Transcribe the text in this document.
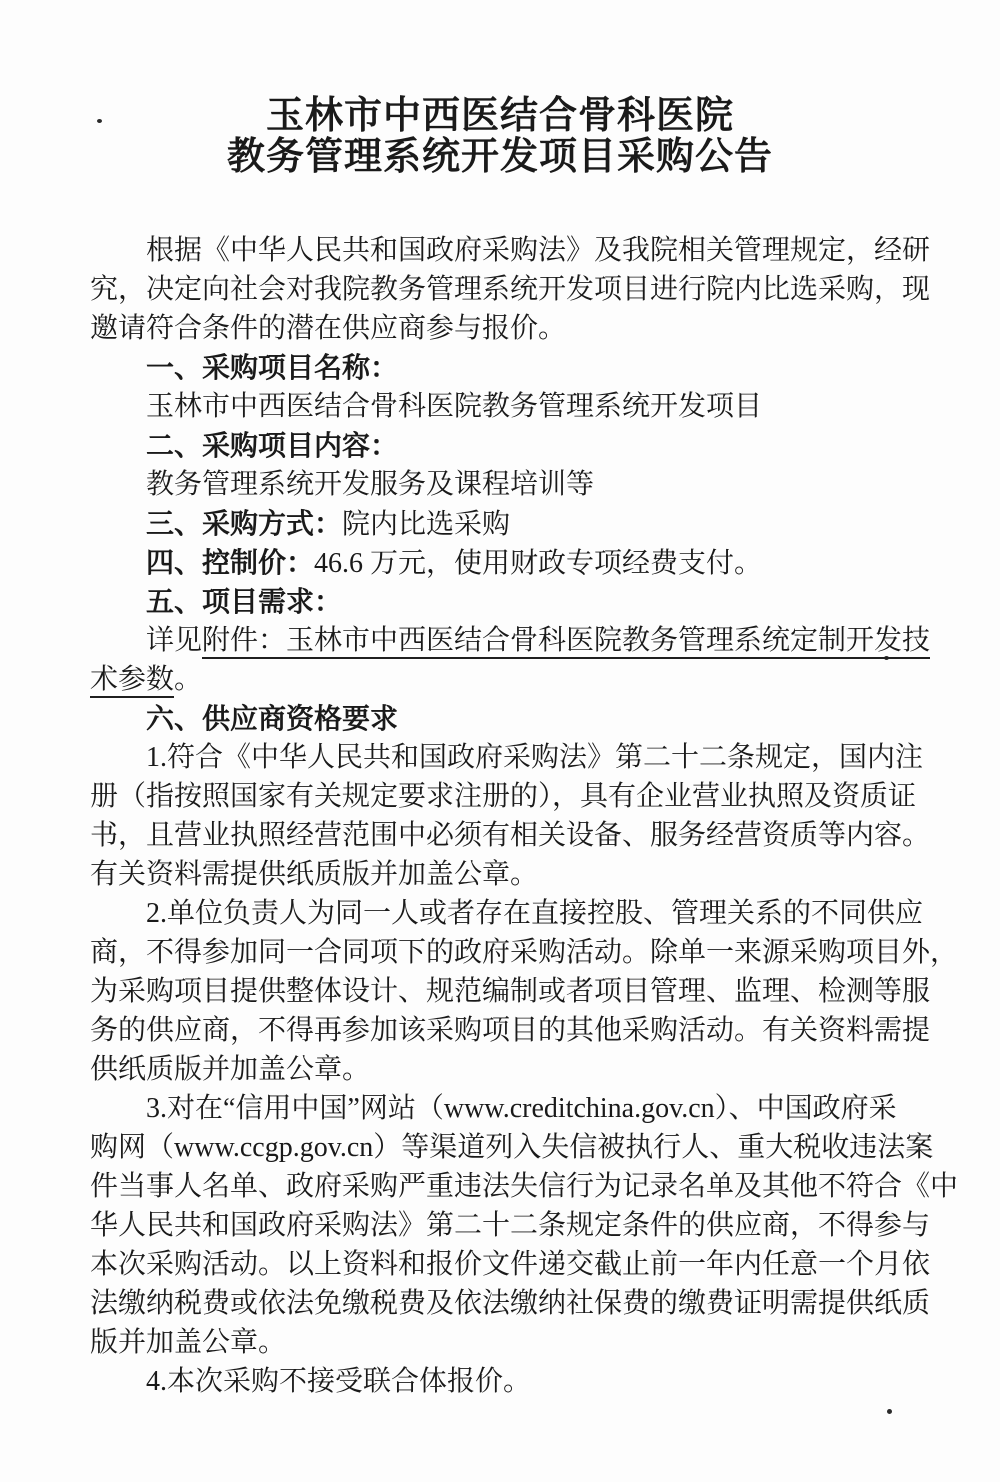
玉林市中西医结合骨科医院
教务管理系统开发项目采购公告
根据《中华人民共和国政府采购法》及我院相关管理规定，经研
究，决定向社会对我院教务管理系统开发项目进行院内比选采购，现
邀请符合条件的潜在供应商参与报价。
一、采购项目名称：
玉林市中西医结合骨科医院教务管理系统开发项目
二、采购项目内容：
教务管理系统开发服务及课程培训等
三、采购方式：院内比选采购
四、控制价：46.6 万元，使用财政专项经费支付。
五、项目需求：
详见附件：玉林市中西医结合骨科医院教务管理系统定制开发技
术参数。
六、供应商资格要求
1.符合《中华人民共和国政府采购法》第二十二条规定，国内注
册（指按照国家有关规定要求注册的），具有企业营业执照及资质证
书，且营业执照经营范围中必须有相关设备、服务经营资质等内容。
有关资料需提供纸质版并加盖公章。
2.单位负责人为同一人或者存在直接控股、管理关系的不同供应
商，不得参加同一合同项下的政府采购活动。除单一来源采购项目外，
为采购项目提供整体设计、规范编制或者项目管理、监理、检测等服
务的供应商，不得再参加该采购项目的其他采购活动。有关资料需提
供纸质版并加盖公章。
3.对在“信用中国”网站（www.creditchina.gov.cn）、中国政府采
购网（www.ccgp.gov.cn）等渠道列入失信被执行人、重大税收违法案
件当事人名单、政府采购严重违法失信行为记录名单及其他不符合《中
华人民共和国政府采购法》第二十二条规定条件的供应商，不得参与
本次采购活动。以上资料和报价文件递交截止前一年内任意一个月依
法缴纳税费或依法免缴税费及依法缴纳社保费的缴费证明需提供纸质
版并加盖公章。
4.本次采购不接受联合体报价。
